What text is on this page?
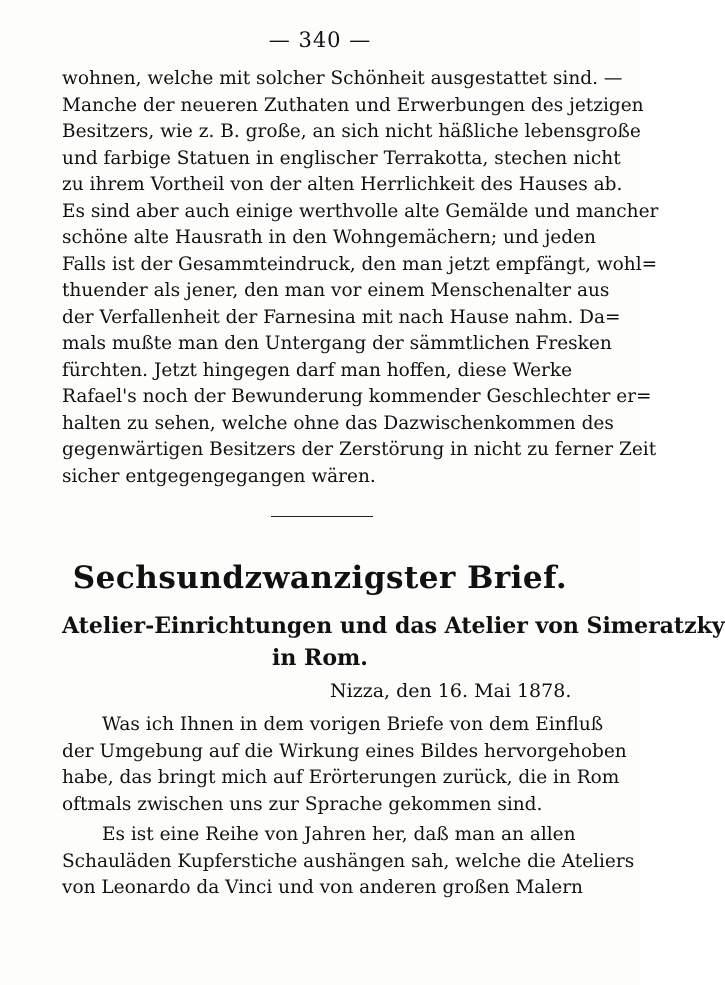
— 340 —
wohnen, welche mit solcher Schönheit ausgestattet sind. —
Manche der neueren Zuthaten und Erwerbungen des jetzigen
Besitzers, wie z. B. große, an sich nicht häßliche lebensgroße
und farbige Statuen in englischer Terrakotta, stechen nicht
zu ihrem Vortheil von der alten Herrlichkeit des Hauses ab.
Es sind aber auch einige werthvolle alte Gemälde und mancher
schöne alte Hausrath in den Wohngemächern; und jeden
Falls ist der Gesammteindruck, den man jetzt empfängt, wohl=
thuender als jener, den man vor einem Menschenalter aus
der Verfallenheit der Farnesina mit nach Hause nahm. Da=
mals mußte man den Untergang der sämmtlichen Fresken
fürchten. Jetzt hingegen darf man hoffen, diese Werke
Rafael's noch der Bewunderung kommender Geschlechter er=
halten zu sehen, welche ohne das Dazwischenkommen des
gegenwärtigen Besitzers der Zerstörung in nicht zu ferner Zeit
sicher entgegengegangen wären.
Sechsundzwanzigster Brief.
Atelier-Einrichtungen und das Atelier von Simeratzky
in Rom.
Nizza, den 16. Mai 1878.
Was ich Ihnen in dem vorigen Briefe von dem Einfluß
der Umgebung auf die Wirkung eines Bildes hervorgehoben
habe, das bringt mich auf Erörterungen zurück, die in Rom
oftmals zwischen uns zur Sprache gekommen sind.
Es ist eine Reihe von Jahren her, daß man an allen
Schauläden Kupferstiche aushängen sah, welche die Ateliers
von Leonardo da Vinci und von anderen großen Malern
